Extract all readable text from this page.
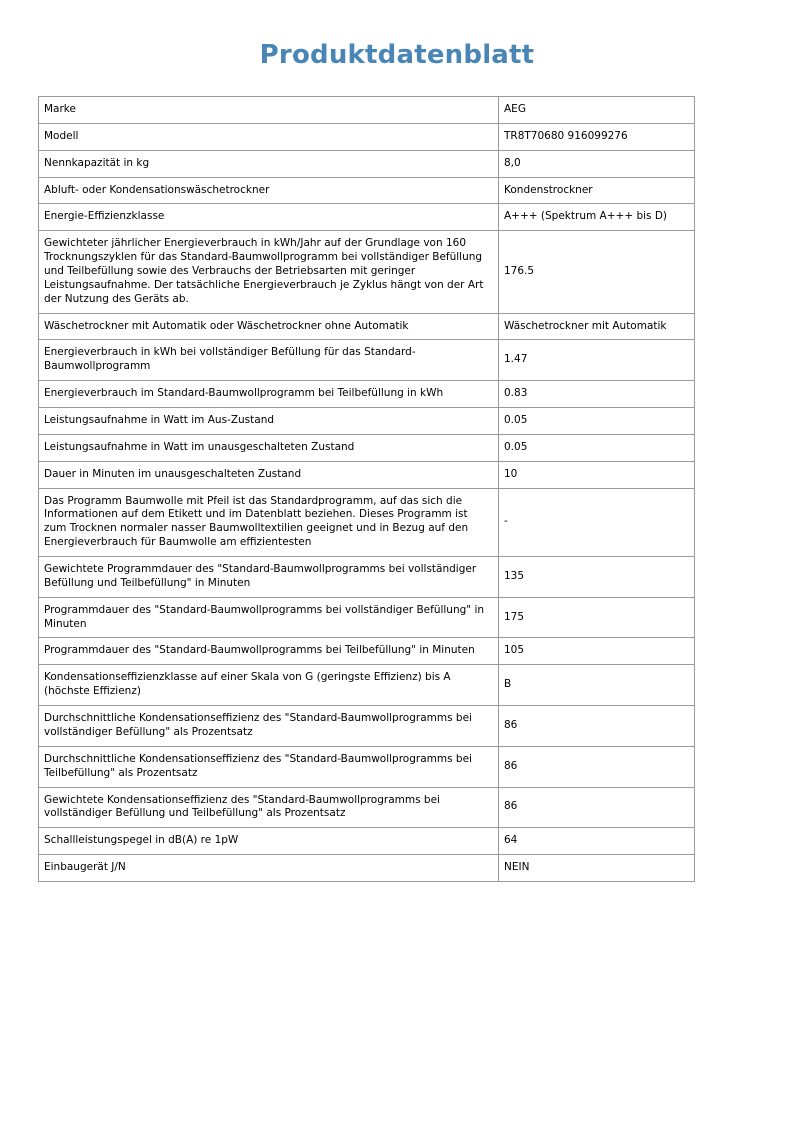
Produktdatenblatt
Marke	AEG
Modell	TR8T70680 916099276
Nennkapazität in kg	8,0
Abluft- oder Kondensationswäschetrockner	Kondenstrockner
Energie-Effizienzklasse	A+++ (Spektrum A+++ bis D)
Gewichteter jährlicher Energieverbrauch in kWh/Jahr auf der Grundlage von 160 Trocknungszyklen für das Standard-Baumwollprogramm bei vollständiger Befüllung und Teilbefüllung sowie des Verbrauchs der Betriebsarten mit geringer Leistungsaufnahme. Der tatsächliche Energieverbrauch je Zyklus hängt von der Art der Nutzung des Geräts ab.	176.5
Wäschetrockner mit Automatik oder Wäschetrockner ohne Automatik	Wäschetrockner mit Automatik
Energieverbrauch in kWh bei vollständiger Befüllung für das Standard-Baumwollprogramm	1.47
Energieverbrauch im Standard-Baumwollprogramm bei Teilbefüllung in kWh	0.83
Leistungsaufnahme in Watt im Aus-Zustand	0.05
Leistungsaufnahme in Watt im unausgeschalteten Zustand	0.05
Dauer in Minuten im unausgeschalteten Zustand	10
Das Programm Baumwolle mit Pfeil ist das Standardprogramm, auf das sich die Informationen auf dem Etikett und im Datenblatt beziehen. Dieses Programm ist zum Trocknen normaler nasser Baumwolltextilien geeignet und in Bezug auf den Energieverbrauch für Baumwolle am effizientesten	-
Gewichtete Programmdauer des "Standard-Baumwollprogramms bei vollständiger Befüllung und Teilbefüllung" in Minuten	135
Programmdauer des "Standard-Baumwollprogramms bei vollständiger Befüllung" in Minuten	175
Programmdauer des "Standard-Baumwollprogramms bei Teilbefüllung" in Minuten	105
Kondensationseffizienzklasse auf einer Skala von G (geringste Effizienz) bis A (höchste Effizienz)	B
Durchschnittliche Kondensationseffizienz des "Standard-Baumwollprogramms bei vollständiger Befüllung" als Prozentsatz	86
Durchschnittliche Kondensationseffizienz des "Standard-Baumwollprogramms bei Teilbefüllung" als Prozentsatz	86
Gewichtete Kondensationseffizienz des "Standard-Baumwollprogramms bei vollständiger Befüllung und Teilbefüllung" als Prozentsatz	86
Schallleistungspegel in dB(A) re 1pW	64
Einbaugerät J/N	NEIN
